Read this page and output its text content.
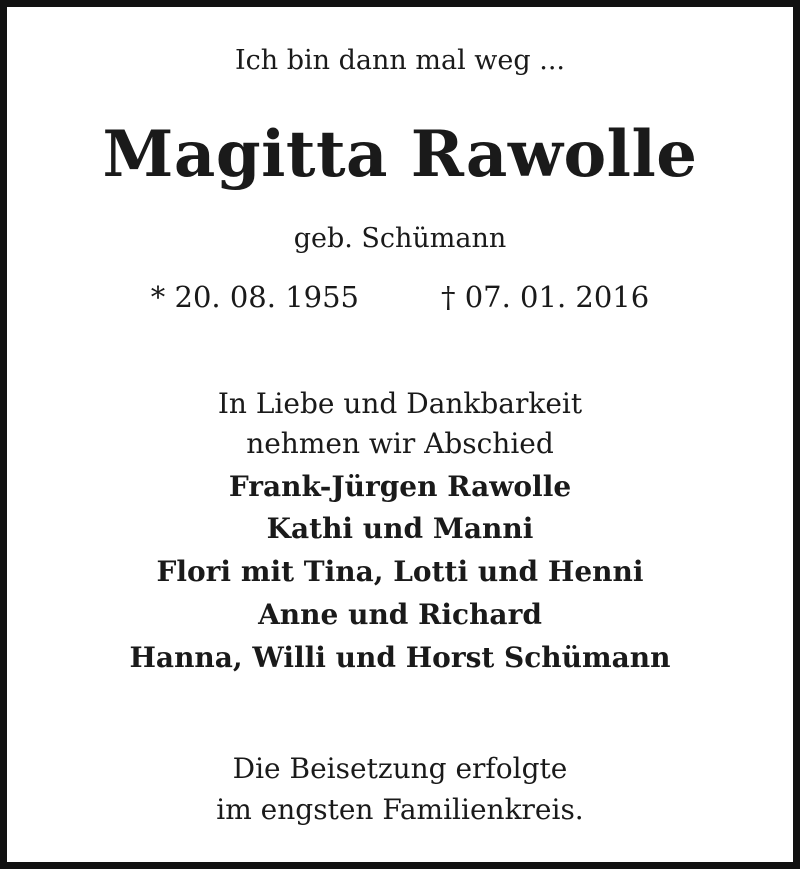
Ich bin dann mal weg ...
Magitta Rawolle
geb. Schümann
* 20. 08. 1955	† 07. 01. 2016
In Liebe und Dankbarkeit
nehmen wir Abschied
Frank-Jürgen Rawolle
Kathi und Manni
Flori mit Tina, Lotti und Henni
Anne und Richard
Hanna, Willi und Horst Schümann
Die Beisetzung erfolgte
im engsten Familienkreis.
